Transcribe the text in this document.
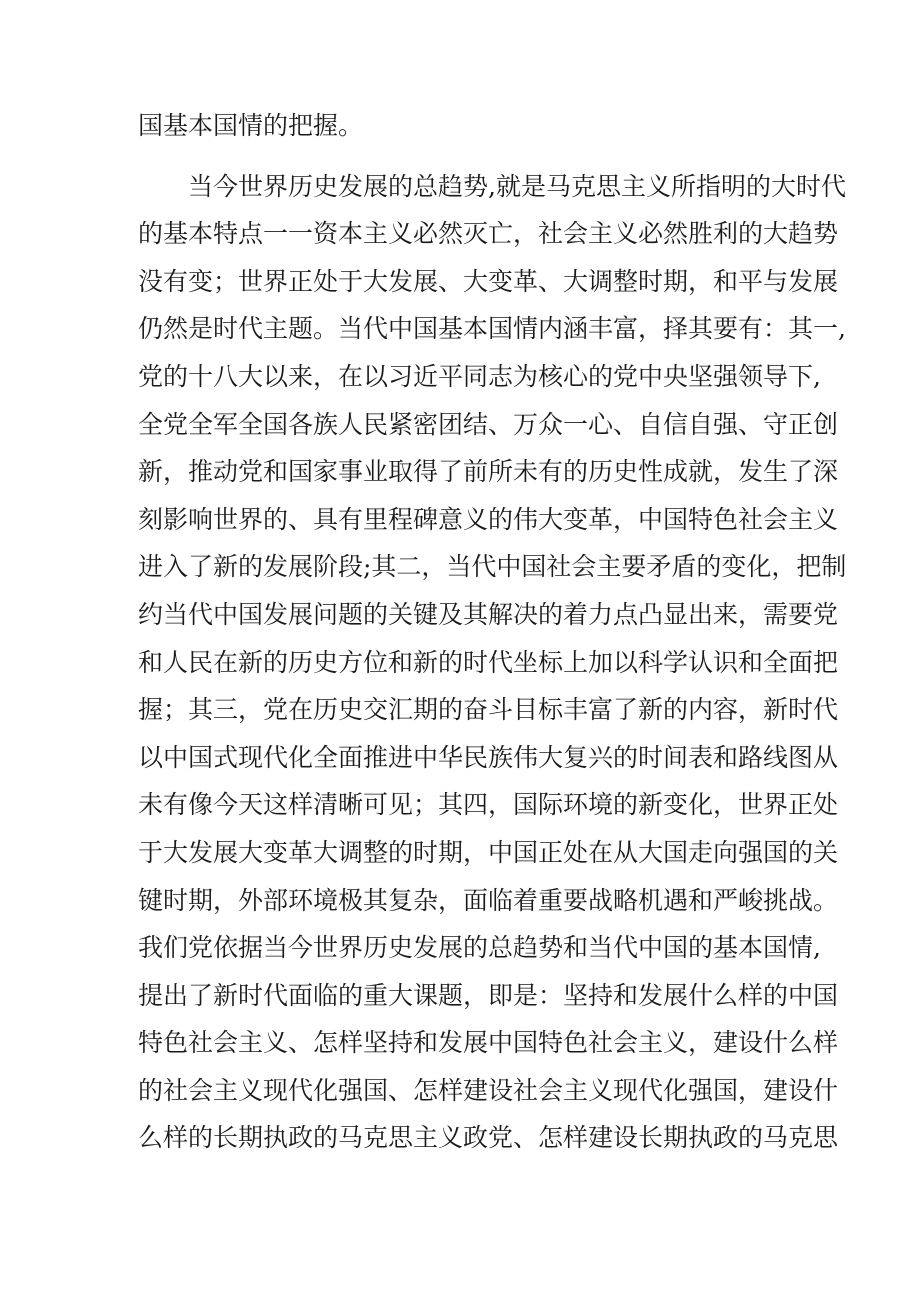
国基本国情的把握。
当今世界历史发展的总趋势,就是马克思主义所指明的大时代
的基本特点一一资本主义必然灭亡，社会主义必然胜利的大趋势
没有变；世界正处于大发展、大变革、大调整时期，和平与发展
仍然是时代主题。当代中国基本国情内涵丰富，择其要有：其一,
党的十八大以来，在以习近平同志为核心的党中央坚强领导下,
全党全军全国各族人民紧密团结、万众一心、自信自强、守正创
新，推动党和国家事业取得了前所未有的历史性成就，发生了深
刻影响世界的、具有里程碑意义的伟大变革，中国特色社会主义
进入了新的发展阶段;其二，当代中国社会主要矛盾的变化，把制
约当代中国发展问题的关键及其解决的着力点凸显出来，需要党
和人民在新的历史方位和新的时代坐标上加以科学认识和全面把
握；其三，党在历史交汇期的奋斗目标丰富了新的内容，新时代
以中国式现代化全面推进中华民族伟大复兴的时间表和路线图从
未有像今天这样清晰可见；其四，国际环境的新变化，世界正处
于大发展大变革大调整的时期，中国正处在从大国走向强国的关
键时期，外部环境极其复杂，面临着重要战略机遇和严峻挑战。
我们党依据当今世界历史发展的总趋势和当代中国的基本国情,
提出了新时代面临的重大课题，即是：坚持和发展什么样的中国
特色社会主义、怎样坚持和发展中国特色社会主义，建设什么样
的社会主义现代化强国、怎样建设社会主义现代化强国，建设什
么样的长期执政的马克思主义政党、怎样建设长期执政的马克思
